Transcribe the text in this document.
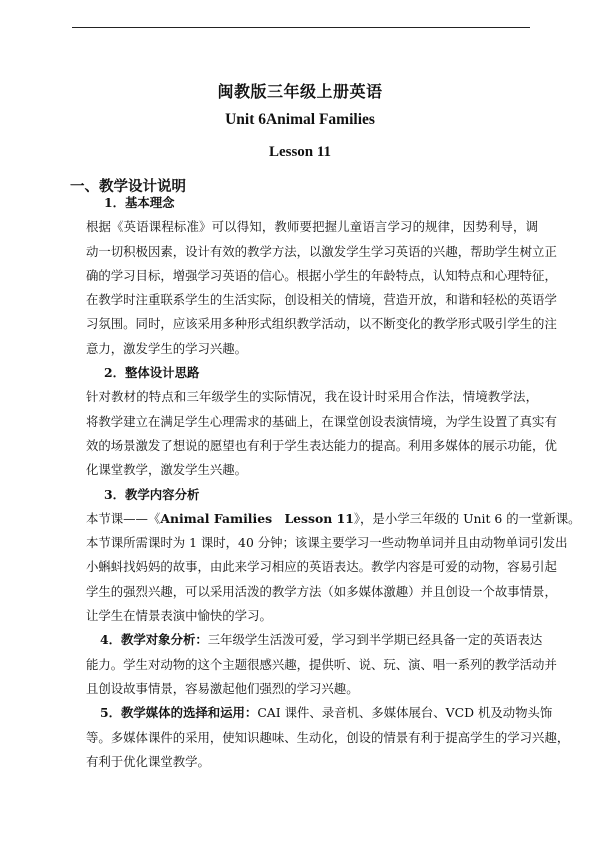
闽教版三年级上册英语
Unit 6Animal Families
Lesson 11
一、教学设计说明
1．基本理念
根据《英语课程标准》可以得知，教师要把握儿童语言学习的规律，因势利导，调
动一切积极因素，设计有效的教学方法，以激发学生学习英语的兴趣，帮助学生树立正
确的学习目标，增强学习英语的信心。根据小学生的年龄特点，认知特点和心理特征，
在教学时注重联系学生的生活实际，创设相关的情境，营造开放，和谐和轻松的英语学
习氛围。同时，应该采用多种形式组织教学活动，以不断变化的教学形式吸引学生的注
意力，激发学生的学习兴趣。
2．整体设计思路
针对教材的特点和三年级学生的实际情况，我在设计时采用合作法，情境教学法，
将教学建立在满足学生心理需求的基础上，在课堂创设表演情境，为学生设置了真实有
效的场景激发了想说的愿望也有利于学生表达能力的提高。利用多媒体的展示功能，优
化课堂教学，激发学生兴趣。
3．教学内容分析
本节课——《Animal Families　Lesson 11》，是小学三年级的 Unit 6 的一堂新课。
本节课所需课时为 1 课时，40 分钟；该课主要学习一些动物单词并且由动物单词引发出
小蝌蚪找妈妈的故事，由此来学习相应的英语表达。教学内容是可爱的动物，容易引起
学生的强烈兴趣，可以采用活泼的教学方法（如多媒体激趣）并且创设一个故事情景，
让学生在情景表演中愉快的学习。
4．教学对象分析：三年级学生活泼可爱，学习到半学期已经具备一定的英语表达
能力。学生对动物的这个主题很感兴趣，提供听、说、玩、演、唱一系列的教学活动并
且创设故事情景，容易激起他们强烈的学习兴趣。
5．教学媒体的选择和运用：CAI 课件、录音机、多媒体展台、VCD 机及动物头饰
等。多媒体课件的采用，使知识趣味、生动化，创设的情景有利于提高学生的学习兴趣，
有利于优化课堂教学。
